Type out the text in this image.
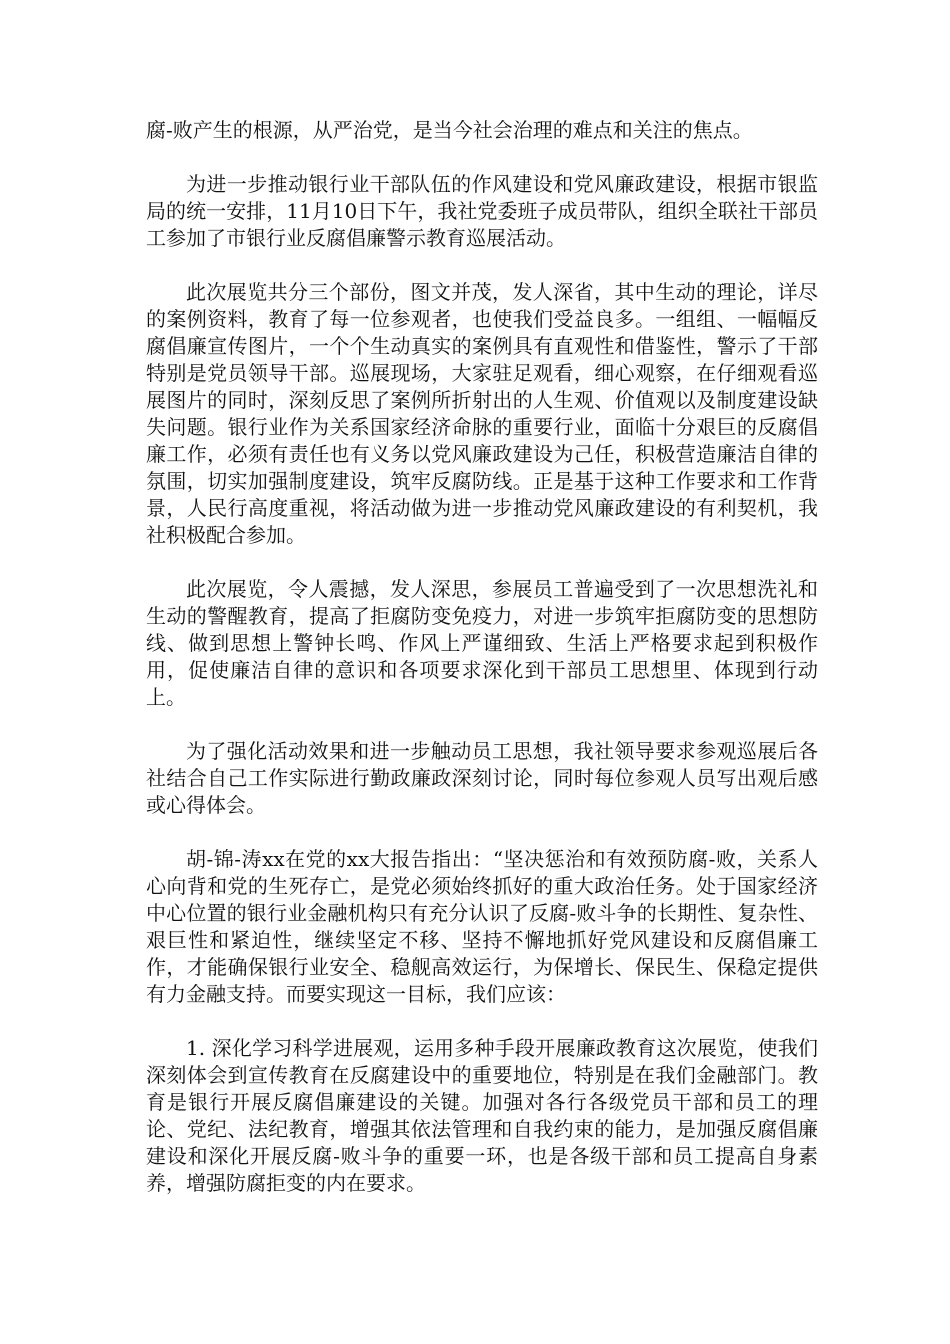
腐-败产生的根源，从严治党，是当今社会治理的难点和关注的焦点。

为进一步推动银行业干部队伍的作风建设和党风廉政建设，根据市银监局的统一安排，11月10日下午，我社党委班子成员带队，组织全联社干部员工参加了市银行业反腐倡廉警示教育巡展活动。

此次展览共分三个部份，图文并茂，发人深省，其中生动的理论，详尽的案例资料，教育了每一位参观者，也使我们受益良多。一组组、一幅幅反腐倡廉宣传图片，一个个生动真实的案例具有直观性和借鉴性，警示了干部特别是党员领导干部。巡展现场，大家驻足观看，细心观察，在仔细观看巡展图片的同时，深刻反思了案例所折射出的人生观、价值观以及制度建设缺失问题。银行业作为关系国家经济命脉的重要行业，面临十分艰巨的反腐倡廉工作，必须有责任也有义务以党风廉政建设为己任，积极营造廉洁自律的氛围，切实加强制度建设，筑牢反腐防线。正是基于这种工作要求和工作背景，人民行高度重视，将活动做为进一步推动党风廉政建设的有利契机，我社积极配合参加。

此次展览，令人震撼，发人深思，参展员工普遍受到了一次思想洗礼和生动的警醒教育，提高了拒腐防变免疫力，对进一步筑牢拒腐防变的思想防线、做到思想上警钟长鸣、作风上严谨细致、生活上严格要求起到积极作用，促使廉洁自律的意识和各项要求深化到干部员工思想里、体现到行动上。

为了强化活动效果和进一步触动员工思想，我社领导要求参观巡展后各社结合自己工作实际进行勤政廉政深刻讨论，同时每位参观人员写出观后感或心得体会。

胡-锦-涛xx在党的xx大报告指出：“坚决惩治和有效预防腐-败，关系人心向背和党的生死存亡，是党必须始终抓好的重大政治任务。处于国家经济中心位置的银行业金融机构只有充分认识了反腐-败斗争的长期性、复杂性、艰巨性和紧迫性，继续坚定不移、坚持不懈地抓好党风建设和反腐倡廉工作，才能确保银行业安全、稳舰高效运行，为保增长、保民生、保稳定提供有力金融支持。而要实现这一目标，我们应该：

1. 深化学习科学进展观，运用多种手段开展廉政教育这次展览，使我们深刻体会到宣传教育在反腐建设中的重要地位，特别是在我们金融部门。教育是银行开展反腐倡廉建设的关键。加强对各行各级党员干部和员工的理论、党纪、法纪教育，增强其依法管理和自我约束的能力，是加强反腐倡廉建设和深化开展反腐-败斗争的重要一环，也是各级干部和员工提高自身素养，增强防腐拒变的内在要求。
